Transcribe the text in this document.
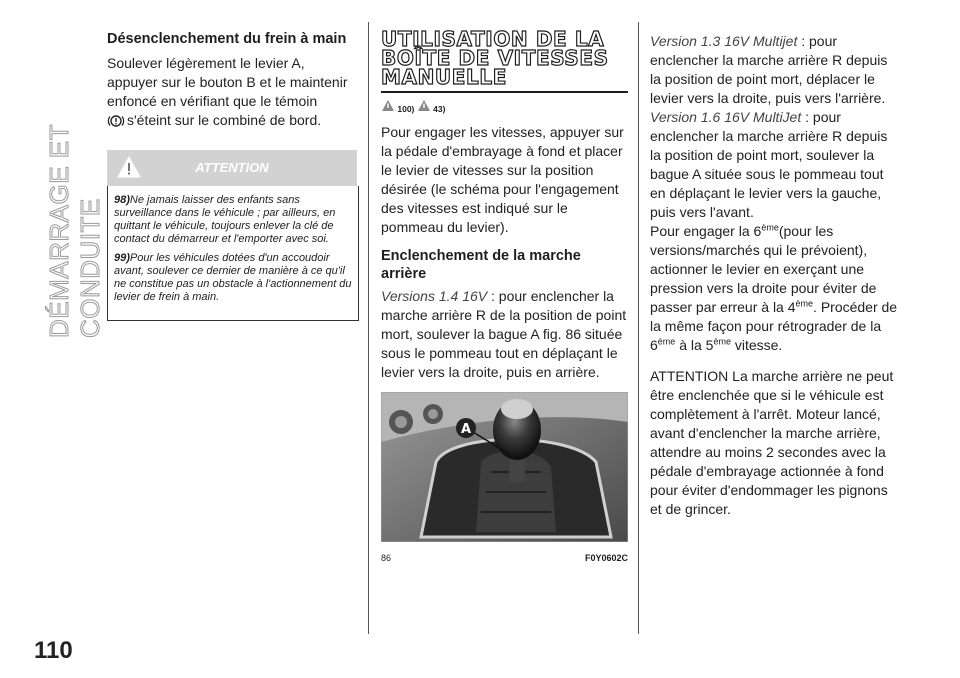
DÉMARRAGE ET CONDUITE
110
Désenclenchement du frein à main

Soulever légèrement le levier A, appuyer sur le bouton B et le maintenir enfoncé en vérifiant que le témoin
s'éteint sur le combiné de bord.

ATTENTION

98)Ne jamais laisser des enfants sans surveillance dans le véhicule ; par ailleurs, en quittant le véhicule, toujours enlever la clé de contact du démarreur et l'emporter avec soi.

99)Pour les véhicules dotées d'un accoudoir avant, soulever ce dernier de manière à ce qu'il ne constitue pas un obstacle à l'actionnement du levier de frein à main.

UTILISATION DE LA
BOÎTE DE VITESSES
MANUELLE
100) 43)

Pour engager les vitesses, appuyer sur la pédale d'embrayage à fond et placer le levier de vitesses sur la position désirée (le schéma pour l'engagement des vitesses est indiqué sur le pommeau du levier).

Enclenchement de la marche arrière

Versions 1.4 16V : pour enclencher la marche arrière R de la position de point mort, soulever la bague A fig. 86 située sous le pommeau tout en déplaçant le levier vers la droite, puis en arrière.

A
86	F0Y0602C

Version 1.3 16V Multijet : pour enclencher la marche arrière R depuis la position de point mort, déplacer le levier vers la droite, puis vers l'arrière.

Version 1.6 16V MultiJet : pour enclencher la marche arrière R depuis la position de point mort, soulever la bague A située sous le pommeau tout en déplaçant le levier vers la gauche, puis vers l'avant.

Pour engager la 6ème(pour les versions/marchés qui le prévoient), actionner le levier en exerçant une pression vers la droite pour éviter de passer par erreur à la 4ème. Procéder de la même façon pour rétrograder de la 6ème à la 5ème vitesse.

ATTENTION La marche arrière ne peut être enclenchée que si le véhicule est complètement à l'arrêt. Moteur lancé, avant d'enclencher la marche arrière, attendre au moins 2 secondes avec la pédale d'embrayage actionnée à fond pour éviter d'endommager les pignons et de grincer.
